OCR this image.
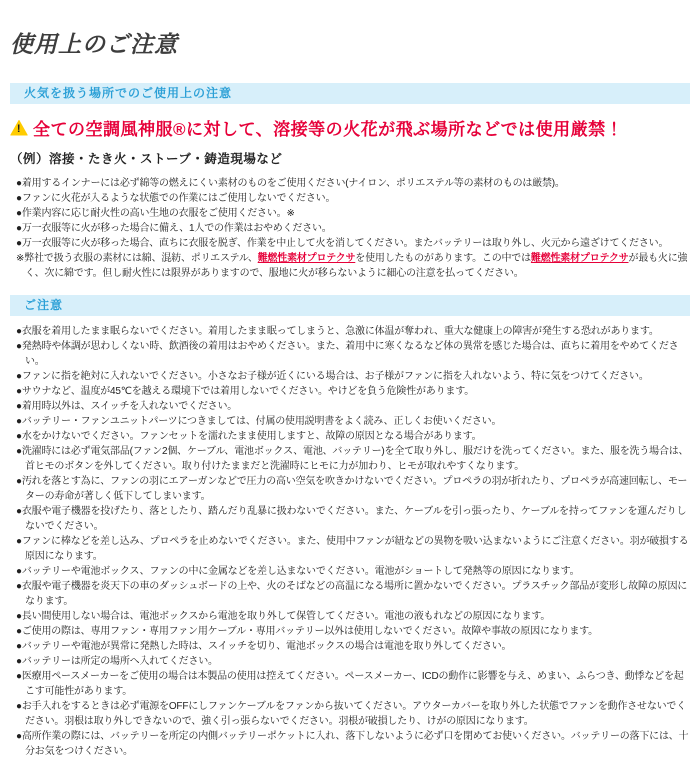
使用上のご注意
火気を扱う場所でのご使用上の注意
! 全ての空調風神服®に対して、溶接等の火花が飛ぶ場所などでは使用厳禁！
（例）溶接・たき火・ストーブ・鋳造現場など
●着用するインナーには必ず綿等の燃えにくい素材のものをご使用ください(ナイロン、ポリエステル等の素材のものは厳禁)。
●ファンに火花が入るような状態での作業にはご使用しないでください。
●作業内容に応じ耐火性の高い生地の衣服をご使用ください。※
●万一衣服等に火が移った場合に備え、1人での作業はおやめください。
●万一衣服等に火が移った場合、直ちに衣服を脱ぎ、作業を中止して火を消してください。またバッテリーは取り外し、火元から遠ざけてください。
※弊社で扱う衣服の素材には綿、混紡、ポリエステル、難燃性素材プロテクサを使用したものがあります。この中では難燃性素材プロテクサが最も火に強く、次に綿です。但し耐火性には限界がありますので、服地に火が移らないように細心の注意を払ってください。
ご注意
●衣服を着用したまま眠らないでください。着用したまま眠ってしまうと、急激に体温が奪われ、重大な健康上の障害が発生する恐れがあります。
●発熱時や体調が思わしくない時、飲酒後の着用はおやめください。また、着用中に寒くなるなど体の異常を感じた場合は、直ちに着用をやめてください。
●ファンに指を絶対に入れないでください。小さなお子様が近くにいる場合は、お子様がファンに指を入れないよう、特に気をつけてください。
●サウナなど、温度が45℃を越える環境下では着用しないでください。やけどを負う危険性があります。
●着用時以外は、スイッチを入れないでください。
●バッテリー・ファンユニットパーツにつきましては、付属の使用説明書をよく読み、正しくお使いください。
●水をかけないでください。ファンセットを濡れたまま使用しますと、故障の原因となる場合があります。
●洗濯時には必ず電気部品(ファン2個、ケーブル、電池ボックス、電池、バッテリー)を全て取り外し、服だけを洗ってください。また、服を洗う場合は、首ヒモのボタンを外してください。取り付けたままだと洗濯時にヒモに力が加わり、ヒモが取れやすくなります。
●汚れを落とす為に、ファンの羽にエアーガンなどで圧力の高い空気を吹きかけないでください。プロペラの羽が折れたり、プロペラが高速回転し、モーターの寿命が著しく低下してしまいます。
●衣服や電子機器を投げたり、落としたり、踏んだり乱暴に扱わないでください。また、ケーブルを引っ張ったり、ケーブルを持ってファンを運んだりしないでください。
●ファンに棒などを差し込み、プロペラを止めないでください。また、使用中ファンが紐などの異物を吸い込まないようにご注意ください。羽が破損する原因になります。
●バッテリーや電池ボックス、ファンの中に金属などを差し込まないでください。電池がショートして発熱等の原因になります。
●衣服や電子機器を炎天下の車のダッシュボードの上や、火のそばなどの高温になる場所に置かないでください。プラスチック部品が変形し故障の原因になります。
●長い間使用しない場合は、電池ボックスから電池を取り外して保管してください。電池の液もれなどの原因になります。
●ご使用の際は、専用ファン・専用ファン用ケーブル・専用バッテリー以外は使用しないでください。故障や事故の原因になります。
●バッテリーや電池が異常に発熱した時は、スイッチを切り、電池ボックスの場合は電池を取り外してください。
●バッテリーは所定の場所へ入れてください。
●医療用ペースメーカーをご使用の場合は本製品の使用は控えてください。ペースメーカー、ICDの動作に影響を与え、めまい、ふらつき、動悸などを起こす可能性があります。
●お手入れをするときは必ず電源をOFFにしファンケーブルをファンから抜いてください。アウターカバーを取り外した状態でファンを動作させないでください。羽根は取り外しできないので、強く引っ張らないでください。羽根が破損したり、けがの原因になります。
●高所作業の際には、バッテリーを所定の内側バッテリーポケットに入れ、落下しないように必ず口を閉めてお使いください。バッテリーの落下には、十分お気をつけください。
